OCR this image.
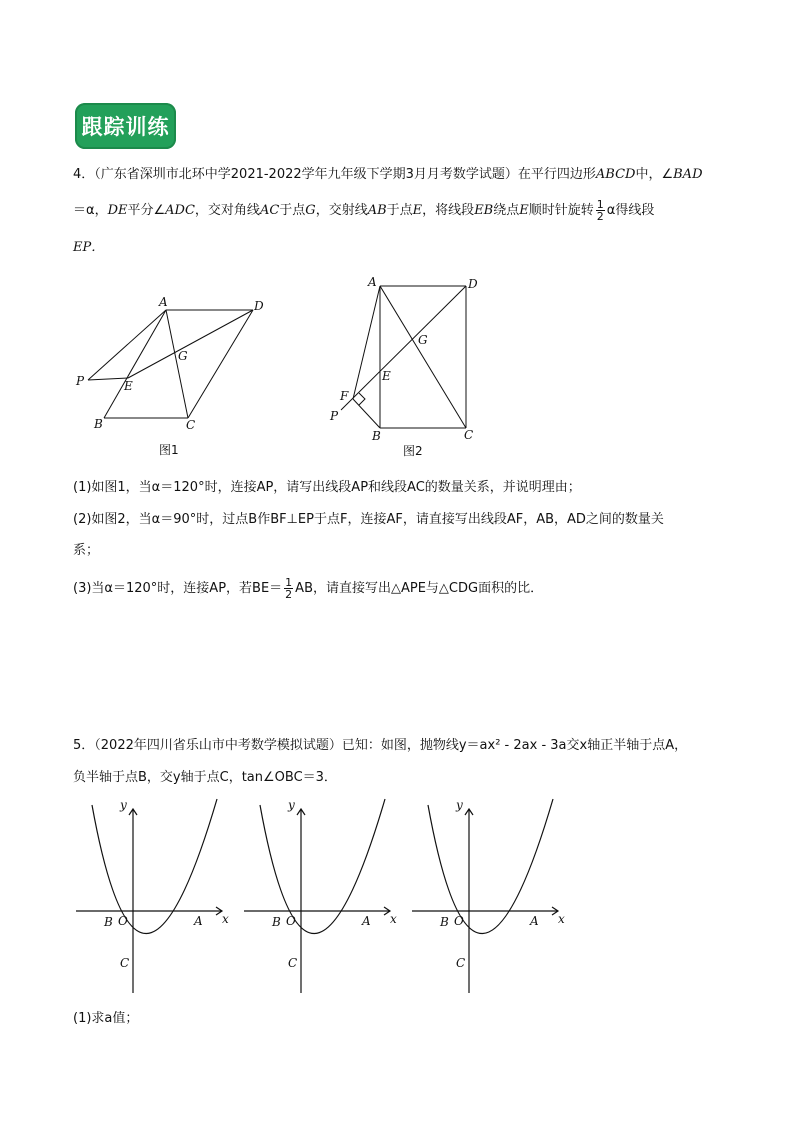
跟踪训练
4．（广东省深圳市北环中学2021-2022学年九年级下学期3月月考数学试题）在平行四边形ABCD中，∠BAD
＝α，DE平分∠ADC，交对角线AC于点G，交射线AB于点E，将线段EB绕点E顺时针旋转 $\frac{1}{2}$ α得线段
EP．
A	D
G
E
P
B	C
图1
A	D
G
E
F
P
B	C
图2
(1)如图1，当α＝120°时，连接AP，请写出线段AP和线段AC的数量关系，并说明理由；
(2)如图2，当α＝90°时，过点B作BF⊥EP于点F，连接AF，请直接写出线段AF，AB，AD之间的数量关
系；
(3)当α＝120°时，连接AP，若$BE= \frac{1}{2}$ AB，请直接写出△APE与△CDG面积的比．
5．（2022年四川省乐山市中考数学模拟试题）已知：如图，抛物线y＝ax² - 2ax - 3a交x轴正半轴于点A，
负半轴于点B，交y轴于点C，tan∠OBC＝3．
y
x
B O	A
C
y
x
B O	A
C
y
x
B O	A
C
(1)求a值；
